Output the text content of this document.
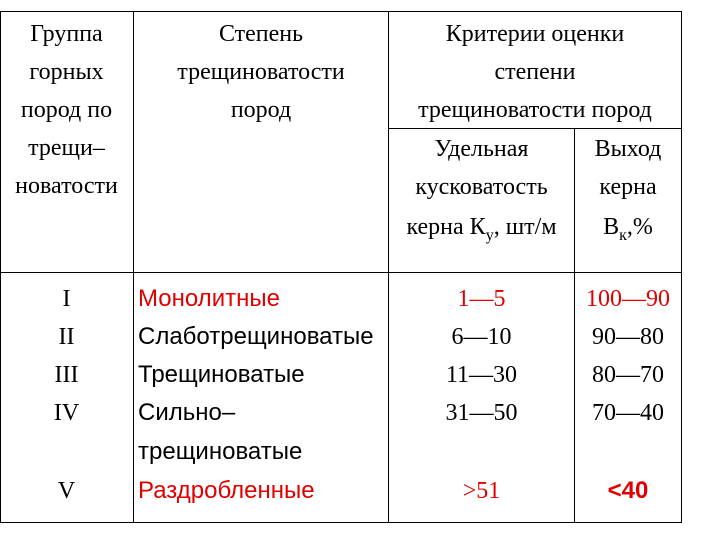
Группа
горных
пород по
трещи–
новатости
Степень
трещиноватости
пород
Критерии оценки
степени
трещиноватости пород
Удельная
кусковатость
керна $К_у$, шт/м
Выход
керна
$В_к,\%$
I
II
III
IV
V
Монолитные
Слаботрещиноватые
Трещиноватые
Сильно–
трещиноватые
Раздробленные
1—5
6—10
11—30
31—50
>51
100—90
90—80
80—70
70—40
<40
